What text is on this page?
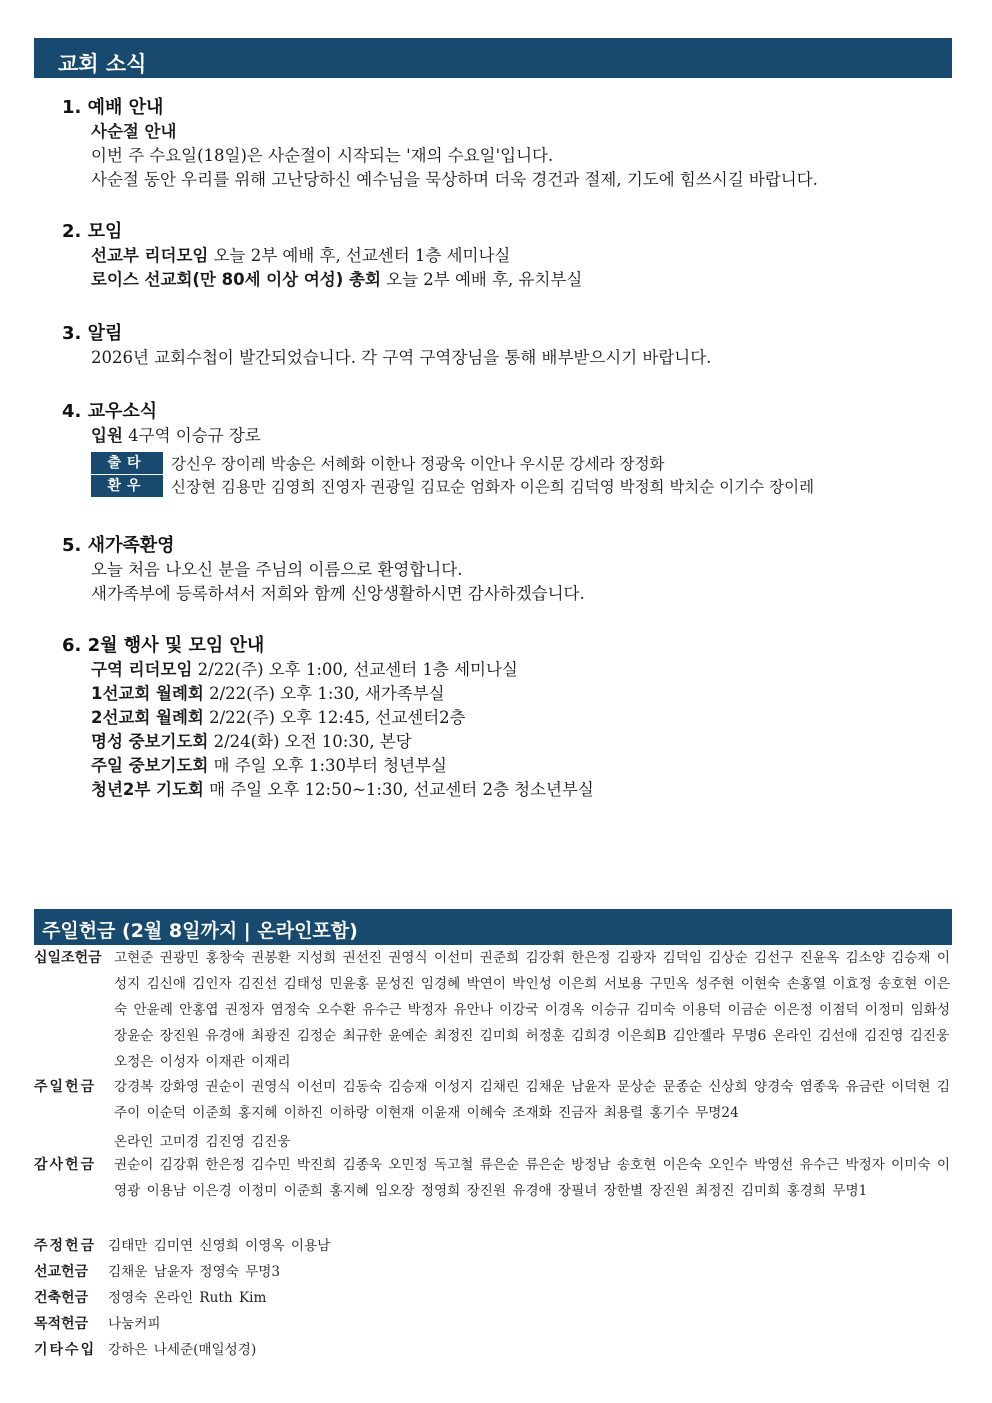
교회 소식
1. 예배 안내
사순절 안내
이번 주 수요일(18일)은 사순절이 시작되는 '재의 수요일'입니다.
사순절 동안 우리를 위해 고난당하신 예수님을 묵상하며 더욱 경건과 절제, 기도에 힘쓰시길 바랍니다.
2. 모임
선교부 리더모임 오늘 2부 예배 후, 선교센터 1층 세미나실
로이스 선교회(만 80세 이상 여성) 총회 오늘 2부 예배 후, 유치부실
3. 알림
2026년 교회수첩이 발간되었습니다. 각 구역 구역장님을 통해 배부받으시기 바랍니다.
4. 교우소식
입원 4구역 이승규 장로
출타	강신우 장이레 박송은 서혜화 이한나 정광욱 이안나 우시문 강세라 장정화
환우	신장현 김용만 김영희 진영자 권광일 김묘순 엄화자 이은희 김덕영 박정희 박치순 이기수 장이레
5. 새가족환영
오늘 처음 나오신 분을 주님의 이름으로 환영합니다.
새가족부에 등록하셔서 저희와 함께 신앙생활하시면 감사하겠습니다.
6. 2월 행사 및 모임 안내
구역 리더모임 2/22(주) 오후 1:00, 선교센터 1층 세미나실
1선교회 월례회 2/22(주) 오후 1:30, 새가족부실
2선교회 월례회 2/22(주) 오후 12:45, 선교센터2층
명성 중보기도회 2/24(화) 오전 10:30, 본당
주일 중보기도회 매 주일 오후 1:30부터 청년부실
청년2부 기도회 매 주일 오후 12:50~1:30, 선교센터 2층 청소년부실
주일헌금 (2월 8일까지 | 온라인포함)
십일조헌금 고현준 권광민 홍창숙 권봉환 지성희 권선진 권영식 이선미 권준희 김강휘 한은정 김광자 김덕임 김상순 김선구 진윤옥 김소양 김승재 이성지 김신애 김인자 김진선 김태성 민윤홍 문성진 임경혜 박연이 박인성 이은희 서보용 구민옥 성주현 이현숙 손홍열 이효정 송호현 이은숙 안윤례 안홍엽 권정자 염정숙 오수환 유수근 박정자 유안나 이강국 이경옥 이승규 김미숙 이용덕 이금순 이은정 이점덕 이정미 임화성 장윤순 장진원 유경애 최광진 김정순 최규한 윤예순 최정진 김미희 허정훈 김희경 이은희B 김안젤라 무명6 온라인 김선애 김진영 김진웅 오정은 이성자 이재관 이재리
주일헌금	강경복 강화영 권순이 권영식 이선미 김동숙 김승재 이성지 김채린 김채운 남윤자 문상순 문종순 신상희 양경숙 염종욱 유금란 이덕현 김주이 이순덕 이준희 홍지혜 이하진 이하랑 이현재 이윤재 이혜숙 조재화 진금자 최용렬 홍기수 무명24
온라인 고미경 김진영 김진웅
감사헌금	권순이 김강휘 한은정 김수민 박진희 김종욱 오민정 독고철 류은순 류은순 방정남 송호현 이은숙 오인수 박영선 유수근 박정자 이미숙 이영광 이용남 이은경 이정미 이준희 홍지혜 임오장 정영희 장진원 유경애 장필녀 장한별 장진원 최정진 김미희 홍경희 무명1
주정헌금 김태만 김미연 신영희 이영옥 이용남
선교헌금	김채운 남윤자 정영숙 무명3
건축헌금	정영숙 온라인 Ruth Kim
목적헌금	나눔커피
기타수입 강하은 나세준(매일성경)
